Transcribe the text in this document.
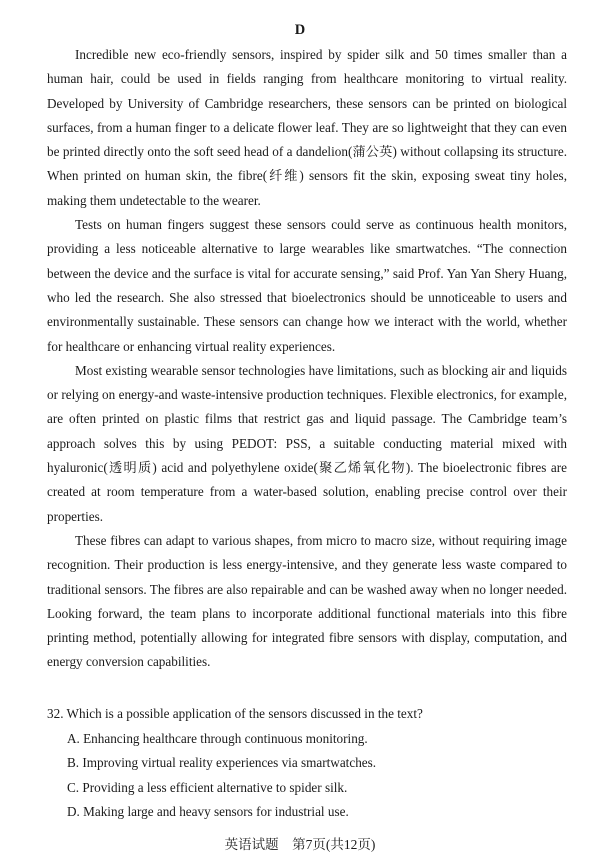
D

Incredible new eco-friendly sensors, inspired by spider silk and 50 times smaller than a human hair, could be used in fields ranging from healthcare monitoring to virtual reality. Developed by University of Cambridge researchers, these sensors can be printed on biological surfaces, from a human finger to a delicate flower leaf. They are so lightweight that they can even be printed directly onto the soft seed head of a dandelion(蒲公英) without collapsing its structure. When printed on human skin, the fibre(纤维) sensors fit the skin, exposing sweat tiny holes, making them undetectable to the wearer.

Tests on human fingers suggest these sensors could serve as continuous health monitors, providing a less noticeable alternative to large wearables like smartwatches. “The connection between the device and the surface is vital for accurate sensing,” said Prof. Yan Yan Shery Huang, who led the research. She also stressed that bioelectronics should be unnoticeable to users and environmentally sustainable. These sensors can change how we interact with the world, whether for healthcare or enhancing virtual reality experiences.

Most existing wearable sensor technologies have limitations, such as blocking air and liquids or relying on energy-and waste-intensive production techniques. Flexible electronics, for example, are often printed on plastic films that restrict gas and liquid passage. The Cambridge team’s approach solves this by using PEDOT: PSS, a suitable conducting material mixed with hyaluronic(透明质) acid and polyethylene oxide(聚乙烯氧化物). The bioelectronic fibres are created at room temperature from a water-based solution, enabling precise control over their properties.

These fibres can adapt to various shapes, from micro to macro size, without requiring image recognition. Their production is less energy-intensive, and they generate less waste compared to traditional sensors. The fibres are also repairable and can be washed away when no longer needed. Looking forward, the team plans to incorporate additional functional materials into this fibre printing method, potentially allowing for integrated fibre sensors with display, computation, and energy conversion capabilities.

32. Which is a possible application of the sensors discussed in the text?
A. Enhancing healthcare through continuous monitoring.
B. Improving virtual reality experiences via smartwatches.
C. Providing a less efficient alternative to spider silk.
D. Making large and heavy sensors for industrial use.
英语试题　第7页(共12页)
